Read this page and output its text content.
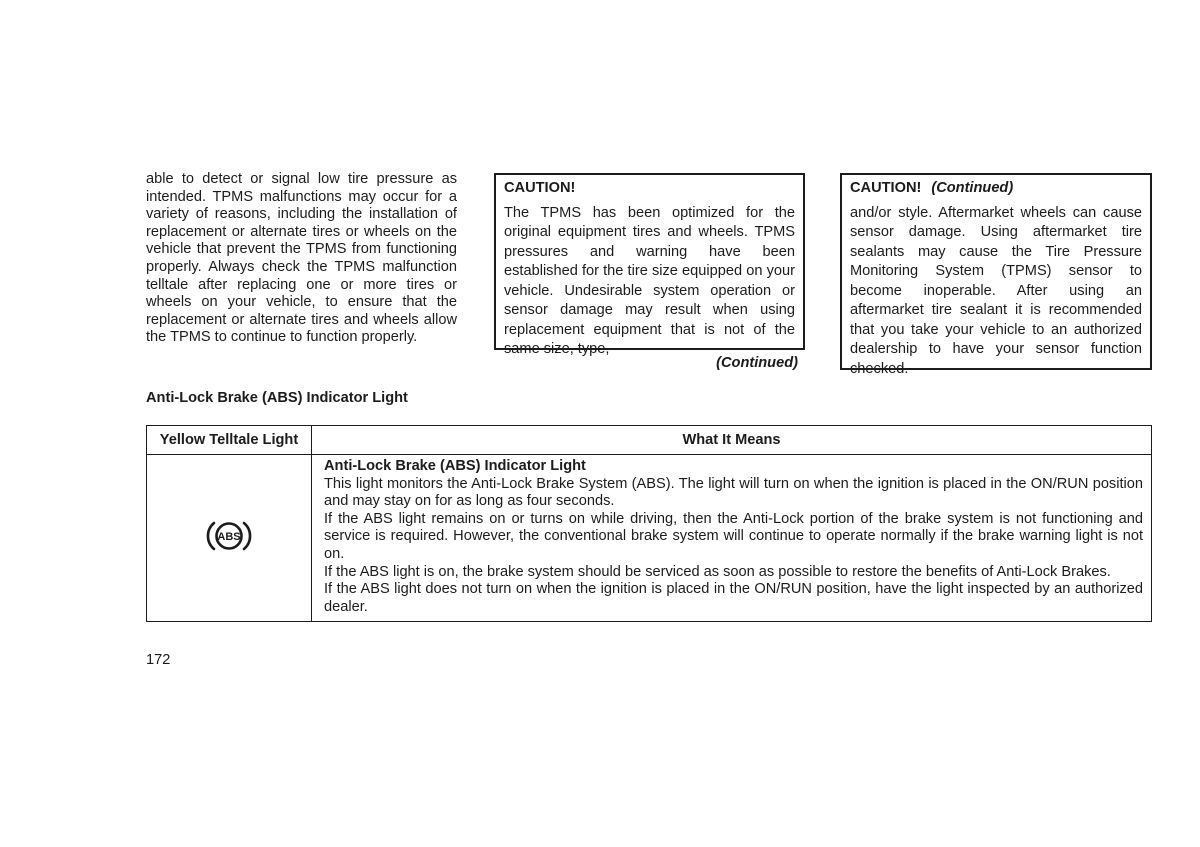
able to detect or signal low tire pressure as intended. TPMS malfunctions may occur for a variety of reasons, including the installation of replacement or alternate tires or wheels on the vehicle that prevent the TPMS from functioning properly. Always check the TPMS malfunction telltale after replacing one or more tires or wheels on your vehicle, to ensure that the replacement or alternate tires and wheels allow the TPMS to continue to function properly.

CAUTION!

The TPMS has been optimized for the original equipment tires and wheels. TPMS pressures and warning have been established for the tire size equipped on your vehicle. Undesirable system operation or sensor damage may result when using replacement equipment that is not of the same size, type,

(Continued)
CAUTION! (Continued)

and/or style. Aftermarket wheels can cause sensor damage. Using aftermarket tire sealants may cause the Tire Pressure Monitoring System (TPMS) sensor to become inoperable. After using an aftermarket tire sealant it is recommended that you take your vehicle to an authorized dealership to have your sensor function checked.

Anti-Lock Brake (ABS) Indicator Light
Yellow Telltale Light	What It Means

ABS	Anti-Lock Brake (ABS) Indicator Light

This light monitors the Anti-Lock Brake System (ABS). The light will turn on when the ignition is placed in the ON/RUN position and may stay on for as long as four seconds.

If the ABS light remains on or turns on while driving, then the Anti-Lock portion of the brake system is not functioning and service is required. However, the conventional brake system will continue to operate normally if the brake warning light is not on.

If the ABS light is on, the brake system should be serviced as soon as possible to restore the benefits of Anti-Lock Brakes.

If the ABS light does not turn on when the ignition is placed in the ON/RUN position, have the light inspected by an authorized dealer.

172
